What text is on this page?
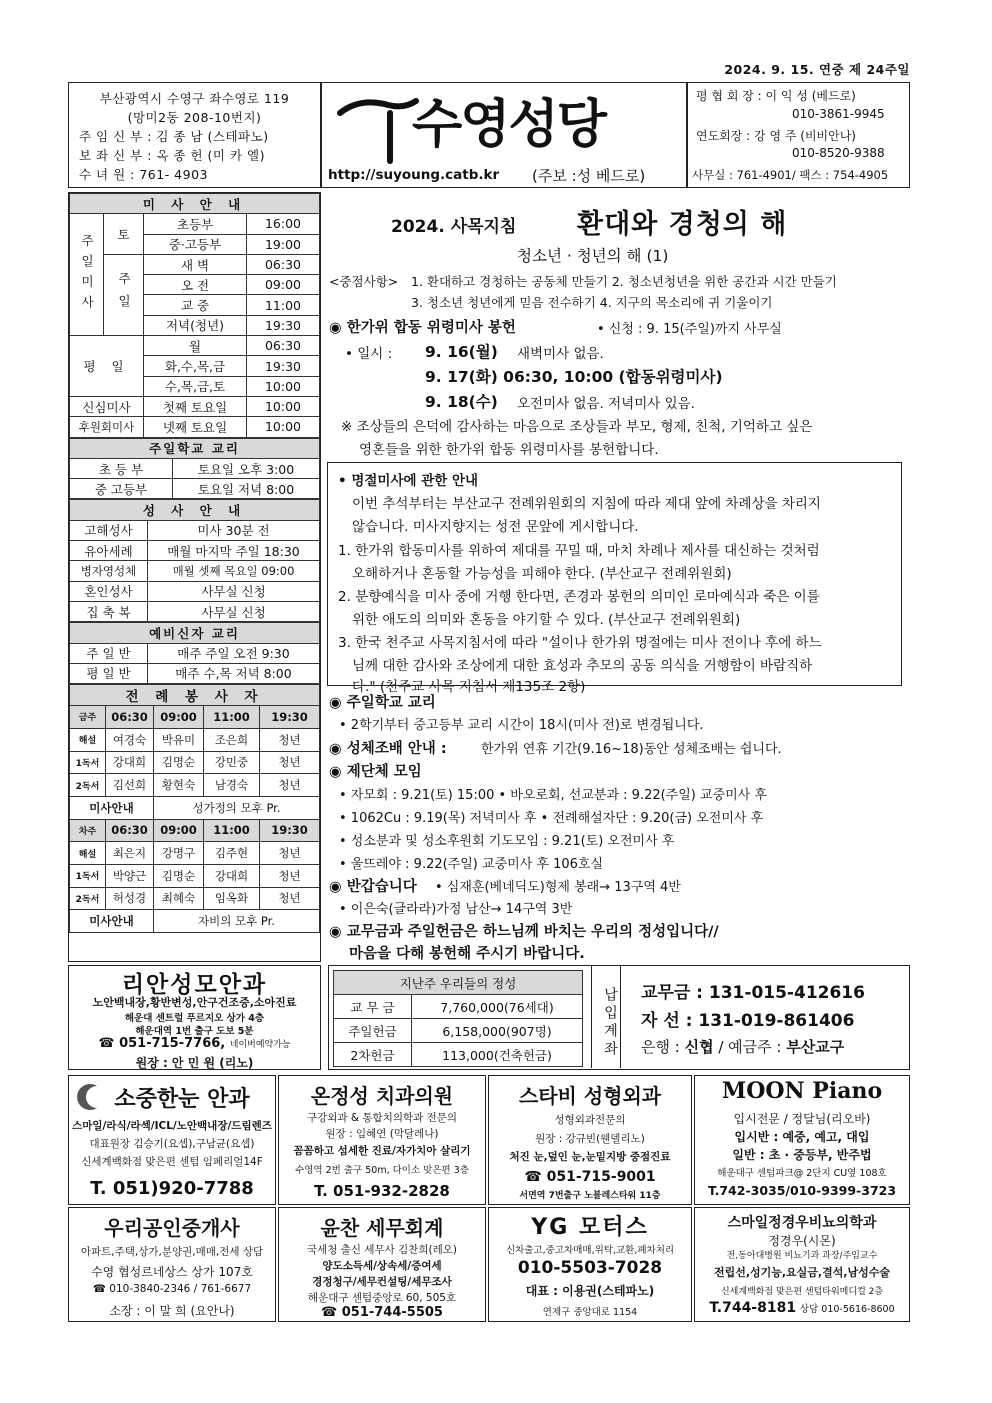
2024. 9. 15. 연중 제 24주일
부산광역시 수영구 좌수영로 119
(망미2동 208-10번지)
주 임 신 부 : 김 종 남 (스테파노)
보 좌 신 부 : 옥 종 헌 (미 카 엘)
수 녀 원 : 761- 4903
수영성당
http://suyoung.catb.kr (주보 :성 베드로)
평 협 회 장 : 이 익 성 (베드로)
010-3861-9945
연도회장 : 강 영 주 (비비안나)
010-8520-9388
사무실 : 761-4901/ 팩스 : 754-4905
미 사 안 내			
주일미사	토	초등부	16:00
		중·고등부	19:00
	주일	새 벽	06:30
		오 전	09:00
		교 중	11:00
		저녁(청년)	19:30
평 일		월	06:30
		화,수,목,금	19:30
		수,목,금,토	10:00
신심미사		첫째 토요일	10:00
후원회미사		넷째 토요일	10:00
주일학교 교리	
초 등 부	토요일 오후 3:00
중 고등부	토요일 저녁 8:00
성 사 안 내	
고해성사	미사 30분 전
유아세례	매월 마지막 주일 18:30
병자영성체	매월 셋째 목요일 09:00
혼인성사	사무실 신청
집 축 복	사무실 신청
예비신자 교리	
주 일 반	매주 주일 오전 9:30
평 일 반	매주 수,목 저녁 8:00
전 례 봉 사 자				
금주	06:30	09:00	11:00	19:30
해설	여경숙	박유미	조은희	청년
1독서	강대희	김명순	강민중	청년
2독서	김선희	황현숙	남경숙	청년
미사안내		성가정의 모후 Pr.		
차주	06:30	09:00	11:00	19:30
해설	최은지	강명구	김주현	청년
1독서	박양근	김명순	강대희	청년
2독서	허성경	최혜숙	임옥화	청년
미사안내		자비의 모후 Pr.		
리안성모안과
노안백내장,황반변성,안구건조증,소아진료
해운대 센트럴 푸르지오 상가 4층
해운대역 1번 출구 도보 5분
☎ 051-715-7766, 네이버예약가능
원장 : 안 민 원 (리노)
2024. 사목지침 환대와 경청의 해
청소년 · 청년의 해 (1)
<중점사항> 1. 환대하고 경청하는 공동체 만들기 2. 청소년청년을 위한 공간과 시간 만들기
3. 청소년 청년에게 믿음 전수하기 4. 지구의 목소리에 귀 기울이기
◉ 한가위 합동 위령미사 봉헌	• 신청 : 9. 15(주일)까지 사무실
• 일시 : 9. 16(월) 새벽미사 없음.
9. 17(화) 06:30, 10:00 (합동위령미사)
9. 18(수) 오전미사 없음. 저녁미사 있음.
※ 조상들의 은덕에 감사하는 마음으로 조상들과 부모, 형제, 친척, 기억하고 싶은
영혼들을 위한 한가위 합동 위령미사를 봉헌합니다.
• 명절미사에 관한 안내
이번 추석부터는 부산교구 전례위원회의 지침에 따라 제대 앞에 차례상을 차리지
않습니다. 미사지향지는 성전 문앞에 게시합니다.
1. 한가위 합동미사를 위하여 제대를 꾸밀 때, 마치 차례나 제사를 대신하는 것처럼
오해하거나 혼동할 가능성을 피해야 한다. (부산교구 전례위원회)
2. 분향예식을 미사 중에 거행 한다면, 존경과 봉헌의 의미인 로마예식과 죽은 이를
위한 애도의 의미와 혼동을 야기할 수 있다. (부산교구 전례위원회)
3. 한국 천주교 사목지침서에 따라 "설이나 한가위 명절에는 미사 전이나 후에 하느
님께 대한 감사와 조상에게 대한 효성과 추모의 공동 의식을 거행함이 바람직하
다." (천주교 사목 지침서 제135조 2항)
◉ 주일학교 교리
• 2학기부터 중고등부 교리 시간이 18시(미사 전)로 변경됩니다.
◉ 성체조배 안내 :	한가위 연휴 기간(9.16~18)동안 성체조배는 쉽니다.
◉ 제단체 모임
• 자모회 : 9.21(토) 15:00 • 바오로회, 선교분과 : 9.22(주일) 교중미사 후
• 1062Cu : 9.19(목) 저녁미사 후 • 전례해설자단 : 9.20(금) 오전미사 후
• 성소분과 및 성소후원회 기도모임 : 9.21(토) 오전미사 후
• 울뜨레야 : 9.22(주일) 교중미사 후 106호실
◉ 반갑습니다 • 심재훈(베네딕도)형제 봉래→ 13구역 4반
• 이은숙(글라라)가정 남산→ 14구역 3반
◉ 교무금과 주일헌금은 하느님께 바치는 우리의 정성입니다//
마음을 다해 봉헌해 주시기 바랍니다.
지난주 우리들의 정성	
교 무 금	7,760,000(76세대)
주일헌금	6,158,000(907명)
2차헌금	113,000(건축헌금)	납입계좌 교무금 : 131-015-412616
자 선 : 131-019-861406
은행 : 신협 / 예금주 : 부산교구
소중한눈 안과
스마일/라식/라섹/ICL/노안백내장/드림렌즈
대표원장 김승기(요셉),구남균(요셉)
신세계백화점 맞은편 센텀 임페리얼14F
T. 051)920-7788
온정성 치과의원
구강외과 & 통합치의학과 전문의
원장 : 임혜연 (막달레나)
꼼꼼하고 섬세한 진료/자가치아 살리기
수영역 2번 출구 50m, 다이소 맞은편 3층
T. 051-932-2828
스타비 성형외과
성형외과전문의
원장 : 강규빈(웬델리노)
처진 눈,덮인 눈,눈밑지방 중점진료
☎ 051-715-9001
서면역 7번출구 노블레스타워 11층
MOON Piano
입시전문 / 정달님(리오바)
입시반 : 예중, 예고, 대입
일반 : 초 · 중등부, 반주법
해운대구 센텀파크@ 2단지 CU옆 108호
T.742-3035/010-9399-3723
우리공인중개사
아파트,주택,상가,분양권,매매,전세 상담
수영 협성르네상스 상가 107호
☎ 010-3840-2346 / 761-6677
소장 : 이 말 희 (요안나)
윤찬 세무회계
국세청 출신 세무사 김찬희(레오)
양도소득세/상속세/증여세
경정청구/세무컨설팅/세무조사
해운대구 센텀중앙로 60, 505호
☎ 051-744-5505
YG 모터스
신차출고,중고차매매,위탁,교환,폐차처리
010-5503-7028
대표 : 이용권(스테파노)
연제구 중앙대로 1154
스마일정경우비뇨의학과
정경우(시몬)
전,동아대병원 비뇨기과 과장/주임교수
전립선,성기능,요실금,결석,남성수술
신세계백화점 맞은편 센텀타워메디컬 2층
T.744-8181 상담 010-5616-8600
